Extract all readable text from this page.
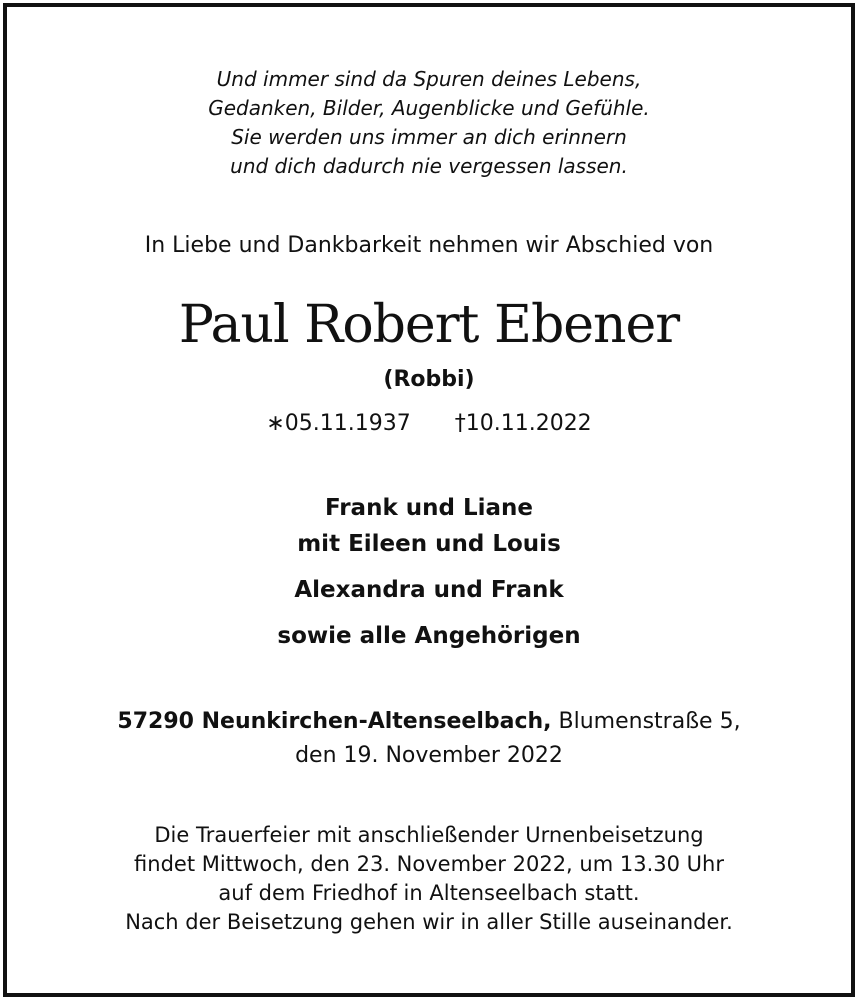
Und immer sind da Spuren deines Lebens,
Gedanken, Bilder, Augenblicke und Gefühle.
Sie werden uns immer an dich erinnern
und dich dadurch nie vergessen lassen.
In Liebe und Dankbarkeit nehmen wir Abschied von
Paul Robert Ebener
(Robbi)
∗05.11.1937 †10.11.2022
Frank und Liane
mit Eileen und Louis
Alexandra und Frank
sowie alle Angehörigen
57290 Neunkirchen-Altenseelbach, Blumenstraße 5,
den 19. November 2022
Die Trauerfeier mit anschließender Urnenbeisetzung
findet Mittwoch, den 23. November 2022, um 13.30 Uhr
auf dem Friedhof in Altenseelbach statt.
Nach der Beisetzung gehen wir in aller Stille auseinander.
